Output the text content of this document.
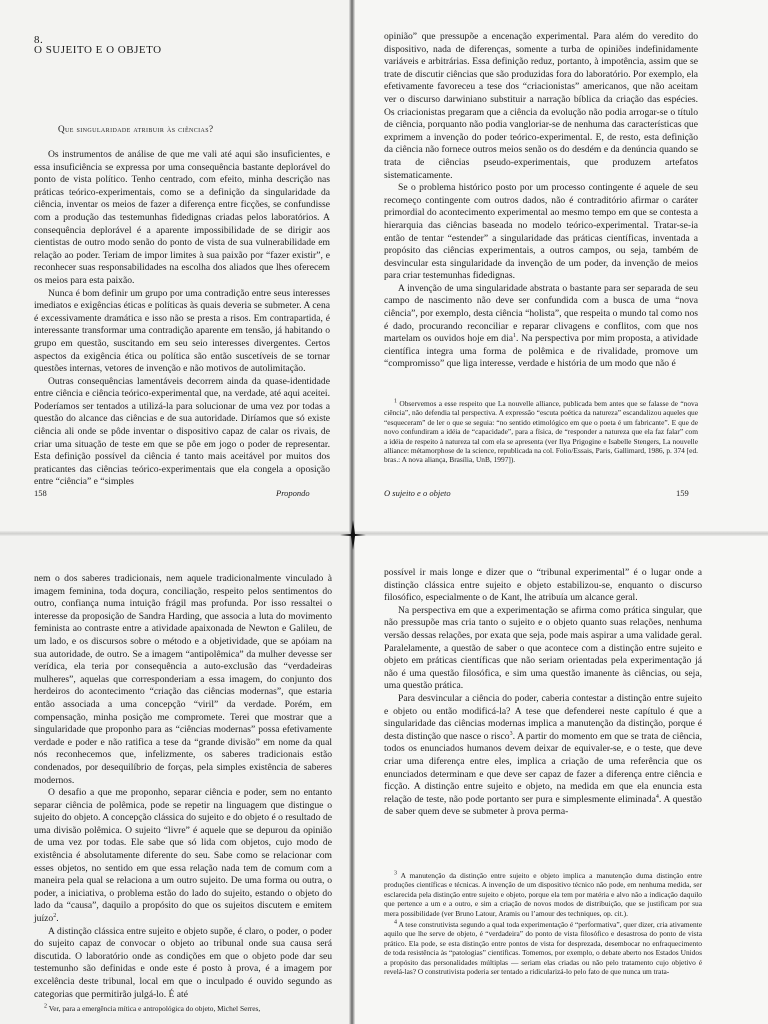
8.
O SUJEITO E O OBJETO
Que singularidade atribuir às ciências?

Os instrumentos de análise de que me vali até aqui são insuficientes, e essa insuficiência se expressa por uma consequência bastante deplorável do ponto de vista político. Tenho centrado, com efeito, minha descrição nas práticas teórico-experimentais, como se a definição da singularidade da ciência, inventar os meios de fazer a diferença entre ficções, se confundisse com a produção das testemunhas fidedignas criadas pelos laboratórios. A consequência deplorável é a aparente impossibilidade de se dirigir aos cientistas de outro modo senão do ponto de vista de sua vulnerabilidade em relação ao poder. Teriam de impor limites à sua paixão por “fazer existir”, e reconhecer suas responsabilidades na escolha dos aliados que lhes oferecem os meios para esta paixão.

Nunca é bom definir um grupo por uma contradição entre seus interesses imediatos e exigências éticas e políticas às quais deveria se submeter. A cena é excessivamente dramática e isso não se presta a risos. Em contrapartida, é interessante transformar uma contradição aparente em tensão, já habitando o grupo em questão, suscitando em seu seio interesses divergentes. Certos aspectos da exigência ética ou política são então suscetíveis de se tornar questões internas, vetores de invenção e não motivos de autolimitação.

Outras consequências lamentáveis decorrem ainda da quase-identidade entre ciência e ciência teórico-experimental que, na verdade, até aqui aceitei. Poderíamos ser tentados a utilizá-la para solucionar de uma vez por todas a questão do alcance das ciências e de sua autoridade. Diríamos que só existe ciência ali onde se pôde inventar o dispositivo capaz de calar os rivais, de criar uma situação de teste em que se pôe em jogo o poder de representar. Esta definição possível da ciência é tanto mais aceitável por muitos dos praticantes das ciências teórico-experimentais que ela congela a oposição entre “ciência” e “simples

158	Propondo

opinião” que pressupõe a encenação experimental. Para além do veredito do dispositivo, nada de diferenças, somente a turba de opiniões indefinidamente variáveis e arbitrárias. Essa definição reduz, portanto, à impotência, assim que se trate de discutir ciências que são produzidas fora do laboratório. Por exemplo, ela efetivamente favoreceu a tese dos “criacionistas” americanos, que não aceitam ver o discurso darwiniano substituir a narração bíblica da criação das espécies. Os criacionistas pregaram que a ciência da evolução não podia arrogar-se o título de ciência, porquanto não podia vangloriar-se de nenhuma das características que exprimem a invenção do poder teórico-experimental. E, de resto, esta definição da ciência não fornece outros meios senão os do desdém e da denúncia quando se trata de ciências pseudo-experimentais, que produzem artefatos sistematicamente.

Se o problema histórico posto por um processo contingente é aquele de seu recomeço contingente com outros dados, não é contraditório afirmar o caráter primordial do acontecimento experimental ao mesmo tempo em que se contesta a hierarquia das ciências baseada no modelo teórico-experimental. Tratar-se-ia então de tentar “estender” a singularidade das práticas científicas, inventada a propósito das ciências experimentais, a outros campos, ou seja, também de desvincular esta singularidade da invenção de um poder, da invenção de meios para criar testemunhas fidedignas.

A invenção de uma singularidade abstrata o bastante para ser separada de seu campo de nascimento não deve ser confundida com a busca de uma “nova ciência”, por exemplo, desta ciência “holista”, que respeita o mundo tal como nos é dado, procurando reconciliar e reparar clivagens e conflitos, com que nos martelam os ouvidos hoje em dia$^1$. Na perspectiva por mim proposta, a atividade científica integra uma forma de polêmica e de rivalidade, promove um “compromisso” que liga interesse, verdade e história de um modo que não é

$^1$ Observemos a esse respeito que La nouvelle alliance, publicada bem antes que se falasse de “nova ciência”, não defendia tal perspectiva. A expressão “escuta poética da natureza” escandalizou aqueles que “esqueceram” de ler o que se seguia: “no sentido etimológico em que o poeta é um fabricante”. E que de novo confundiram a idéia de “capacidade”, para a física, de “responder a natureza que ela faz falar” com a idéia de respeito à natureza tal com ela se apresenta (ver Ilya Prigogine e Isabelle Stengers, La nouvelle alliance: métamorphose de la science, republicada na col. Folio/Essais, Paris, Gallimard, 1986, p. 374 [ed. bras.: A nova aliança, Brasília, UnB, 1997]).

O sujeito e o objeto	159

nem o dos saberes tradicionais, nem aquele tradicionalmente vinculado à imagem feminina, toda doçura, conciliação, respeito pelos sentimentos do outro, confiança numa intuição frágil mas profunda. Por isso ressaltei o interesse da proposição de Sandra Harding, que associa a luta do movimento feminista ao contraste entre a atividade apaixonada de Newton e Galileu, de um lado, e os discursos sobre o método e a objetividade, que se apóiam na sua autoridade, de outro. Se a imagem “antipolêmica” da mulher devesse ser verídica, ela teria por consequência a auto-exclusão das “verdadeiras mulheres”, aquelas que corresponderiam a essa imagem, do conjunto dos herdeiros do acontecimento “criação das ciências modernas”, que estaria então associada a uma concepção “viril” da verdade. Porém, em compensação, minha posição me compromete. Terei que mostrar que a singularidade que proponho para as “ciências modernas” possa efetivamente verdade e poder e não ratifica a tese da “grande divisão” em nome da qual nós reconhecemos que, infelizmente, os saberes tradicionais estão condenados, por desequilíbrio de forças, pela simples existência de saberes modernos.

O desafio a que me proponho, separar ciência e poder, sem no entanto separar ciência de polêmica, pode se repetir na linguagem que distingue o sujeito do objeto. A concepção clássica do sujeito e do objeto é o resultado de uma divisão polêmica. O sujeito “livre” é aquele que se depurou da opinião de uma vez por todas. Ele sabe que só lida com objetos, cujo modo de existência é absolutamente diferente do seu. Sabe como se relacionar com esses objetos, no sentido em que essa relação nada tem de comum com a maneira pela qual se relaciona a um outro sujeito. De uma forma ou outra, o poder, a iniciativa, o problema estão do lado do sujeito, estando o objeto do lado da “causa”, daquilo a propósito do que os sujeitos discutem e emitem juízo$^2$.

A distinção clássica entre sujeito e objeto supõe, é claro, o poder, o poder do sujeito capaz de convocar o objeto ao tribunal onde sua causa será discutida. O laboratório onde as condições em que o objeto pode dar seu testemunho são definidas e onde este é posto à prova, é a imagem por excelência deste tribunal, local em que o inculpado é ouvido segundo as categorias que permitirão julgá-lo. É até

$^2$ Ver, para a emergência mítica e antropológica do objeto, Michel Serres,

possível ir mais longe e dizer que o “tribunal experimental” é o lugar onde a distinção clássica entre sujeito e objeto estabilizou-se, enquanto o discurso filosófico, especialmente o de Kant, lhe atribuía um alcance geral.

Na perspectiva em que a experimentação se afirma como prática singular, que não pressupõe mas cria tanto o sujeito e o objeto quanto suas relações, nenhuma versão dessas relações, por exata que seja, pode mais aspirar a uma validade geral. Paralelamente, a questão de saber o que acontece com a distinção entre sujeito e objeto em práticas científicas que não seriam orientadas pela experimentação já não é uma questão filosófica, e sim uma questão imanente às ciências, ou seja, uma questão prática.

Para desvincular a ciência do poder, caberia contestar a distinção entre sujeito e objeto ou então modificá-la? A tese que defenderei neste capítulo é que a singularidade das ciências modernas implica a manutenção da distinção, porque é desta distinção que nasce o risco$^3$. A partir do momento em que se trata de ciência, todos os enunciados humanos devem deixar de equivaler-se, e o teste, que deve criar uma diferença entre eles, implica a criação de uma referência que os enunciados determinam e que deve ser capaz de fazer a diferença entre ciência e ficção. A distinção entre sujeito e objeto, na medida em que ela enuncia esta relação de teste, não pode portanto ser pura e simplesmente eliminada$^4$. A questão de saber quem deve se submeter à prova perma-

$^3$ A manutenção da distinção entre sujeito e objeto implica a manutenção duma distinção entre produções científicas e técnicas. A invenção de um dispositivo técnico não pode, em nenhuma medida, ser esclarecida pela distinção entre sujeito e objeto, porque ela tem por matéria e alvo não a indicação daquilo que pertence a um e a outro, e sim a criação de novos modos de distribuição, que se justificam por sua mera possibilidade (ver Bruno Latour, Aramis ou l’amour des techniques, op. cit.).

$^4$ A tese construtivista segundo a qual toda experimentação é “performativa”, quer dizer, cria ativamente aquilo que lhe serve de objeto, é “verdadeira” do ponto de vista filosófico e desastrosa do ponto de vista prático. Ela pode, se esta distinção entre pontos de vista for desprezada, desembocar no enfraquecimento de toda resistência às “patologias” científicas. Tomemos, por exemplo, o debate aberto nos Estados Unidos a propósito das personalidades múltiplas — seriam elas criadas ou não pelo tratamento cujo objetivo é revelá-las? O construtivista poderia ser tentado a ridicularizá-lo pelo fato de que nunca um trata-
